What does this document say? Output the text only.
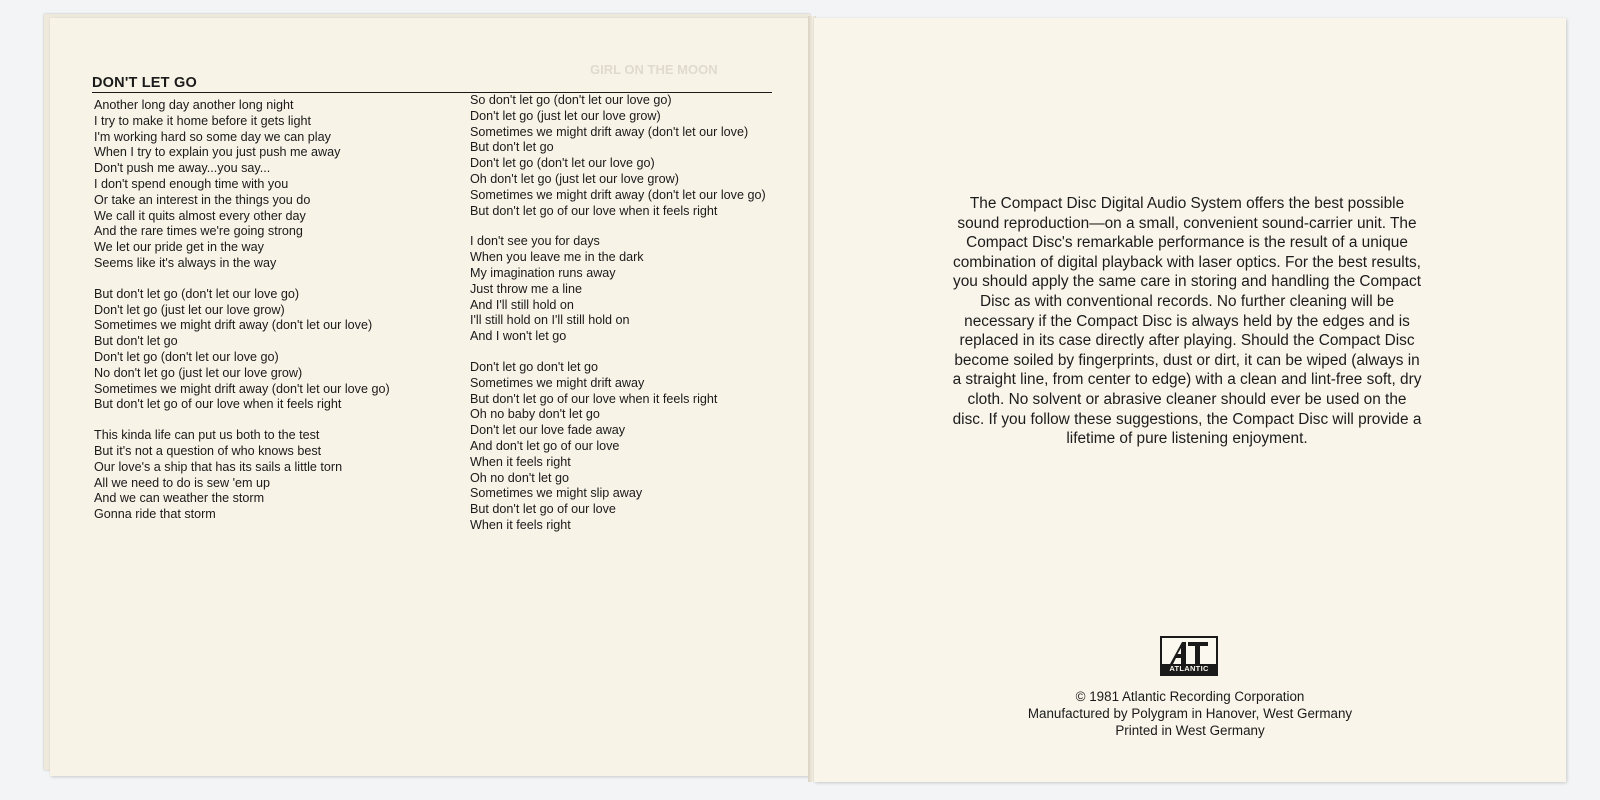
GIRL ON THE MOON
DON'T LET GO
Another long day another long night
I try to make it home before it gets light
I'm working hard so some day we can play
When I try to explain you just push me away
Don't push me away...you say...
I don't spend enough time with you
Or take an interest in the things you do
We call it quits almost every other day
And the rare times we're going strong
We let our pride get in the way
Seems like it's always in the way
But don't let go (don't let our love go)
Don't let go (just let our love grow)
Sometimes we might drift away (don't let our love)
But don't let go
Don't let go (don't let our love go)
No don't let go (just let our love grow)
Sometimes we might drift away (don't let our love go)
But don't let go of our love when it feels right
This kinda life can put us both to the test
But it's not a question of who knows best
Our love's a ship that has its sails a little torn
All we need to do is sew 'em up
And we can weather the storm
Gonna ride that storm
So don't let go (don't let our love go)
Don't let go (just let our love grow)
Sometimes we might drift away (don't let our love)
But don't let go
Don't let go (don't let our love go)
Oh don't let go (just let our love grow)
Sometimes we might drift away (don't let our love go)
But don't let go of our love when it feels right
I don't see you for days
When you leave me in the dark
My imagination runs away
Just throw me a line
And I'll still hold on
I'll still hold on I'll still hold on
And I won't let go
Don't let go don't let go
Sometimes we might drift away
But don't let go of our love when it feels right
Oh no baby don't let go
Don't let our love fade away
And don't let go of our love
When it feels right
Oh no don't let go
Sometimes we might slip away
But don't let go of our love
When it feels right
The Compact Disc Digital Audio System offers the best possible sound reproduction—on a small, convenient sound-carrier unit. The Compact Disc's remarkable performance is the result of a unique combination of digital playback with laser optics. For the best results, you should apply the same care in storing and handling the Compact Disc as with conventional records. No further cleaning will be necessary if the Compact Disc is always held by the edges and is replaced in its case directly after playing. Should the Compact Disc become soiled by fingerprints, dust or dirt, it can be wiped (always in a straight line, from center to edge) with a clean and lint-free soft, dry cloth. No solvent or abrasive cleaner should ever be used on the disc. If you follow these suggestions, the Compact Disc will provide a lifetime of pure listening enjoyment.
ATLANTIC
© 1981 Atlantic Recording Corporation
Manufactured by Polygram in Hanover, West Germany
Printed in West Germany
